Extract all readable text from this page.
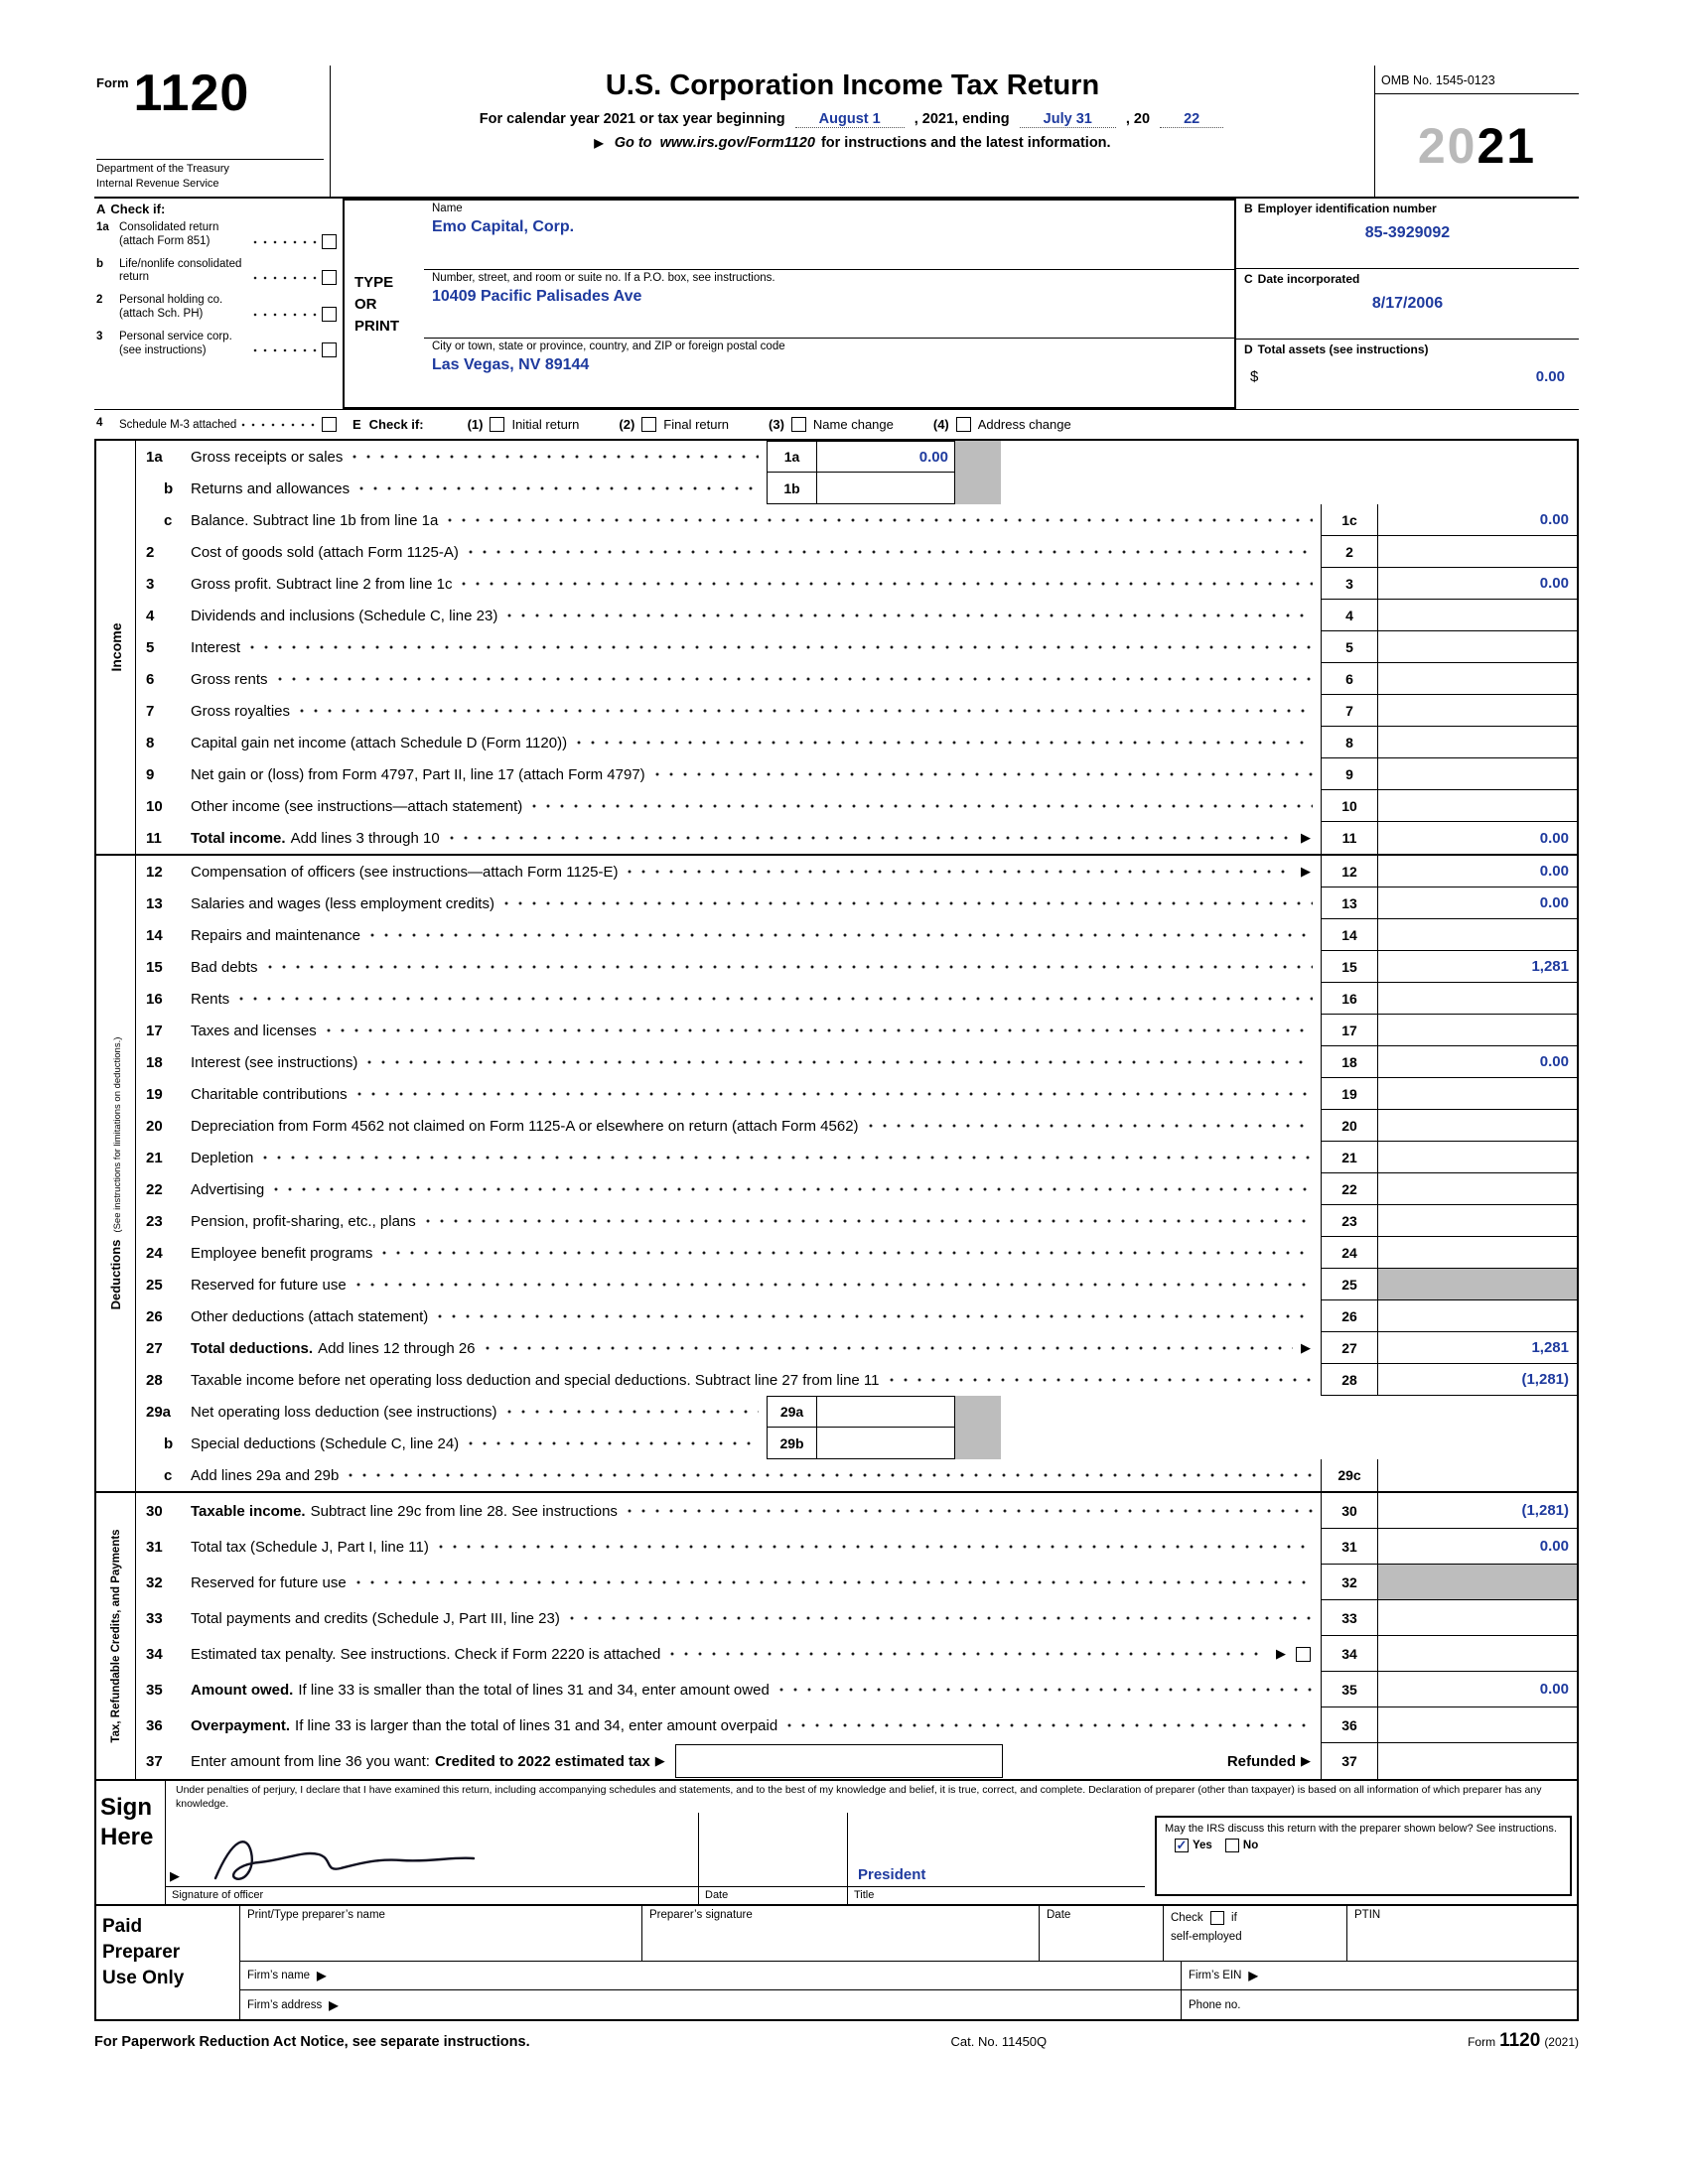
Form 1120
Department of the Treasury
Internal Revenue Service
U.S. Corporation Income Tax Return
For calendar year 2021 or tax year beginning August 1 , 2021, ending July 31 , 20 22
▶ Go to www.irs.gov/Form1120 for instructions and the latest information.
OMB No. 1545-0123
20 21
A Check if:
1a Consolidated return (attach Form 851)
b	Life/nonlife consolidated return
2	Personal holding co. (attach Sch. PH)
3	Personal service corp. (see instructions)
TYPE
OR
PRINT
Name
Emo Capital, Corp.
Number, street, and room or suite no. If a P.O. box, see instructions.
10409 Pacific Palisades Ave
City or town, state or province, country, and ZIP or foreign postal code
Las Vegas, NV 89144
B Employer identification number
85-3929092
C Date incorporated
8/17/2006
D Total assets (see instructions)
$	0.00
4	Schedule M-3 attached	E Check if:	(1) Initial return	(2) Final return	(3) Name change	(4) Address change
Income
1a	Gross receipts or sales	1a	0.00
b	Returns and allowances	1b
c	Balance. Subtract line 1b from line 1a	1c	0.00
2	Cost of goods sold (attach Form 1125-A)	2
3	Gross profit. Subtract line 2 from line 1c	3	0.00
4	Dividends and inclusions (Schedule C, line 23)	4
5	Interest	5
6	Gross rents	6
7	Gross royalties	7
8	Capital gain net income (attach Schedule D (Form 1120))	8
9	Net gain or (loss) from Form 4797, Part II, line 17 (attach Form 4797)	9
10	Other income (see instructions—attach statement)	10
11	Total income. Add lines 3 through 10	▶	11	0.00
Deductions(See instructions for limitations on deductions.)
12	Compensation of officers (see instructions—attach Form 1125-E)	▶	12	0.00
13	Salaries and wages (less employment credits)	13	0.00
14	Repairs and maintenance	14
15	Bad debts	15	1,281
16	Rents	16
17	Taxes and licenses	17
18	Interest (see instructions)	18	0.00
19	Charitable contributions	19
20	Depreciation from Form 4562 not claimed on Form 1125-A or elsewhere on return (attach Form 4562)	20
21	Depletion	21
22	Advertising	22
23	Pension, profit-sharing, etc., plans	23
24	Employee benefit programs	24
25	Reserved for future use	25
26	Other deductions (attach statement)	26
27	Total deductions. Add lines 12 through 26	▶	27	1,281
28	Taxable income before net operating loss deduction and special deductions. Subtract line 27 from line 11	28	(1,281)
29a	Net operating loss deduction (see instructions)	29a
b	Special deductions (Schedule C, line 24)	29b
c	Add lines 29a and 29b	29c
Tax, Refundable Credits, and Payments
30	Taxable income. Subtract line 29c from line 28. See instructions	30	(1,281)
31	Total tax (Schedule J, Part I, line 11)	31	0.00
32	Reserved for future use	32
33	Total payments and credits (Schedule J, Part III, line 23)	33
34	Estimated tax penalty. See instructions. Check if Form 2220 is attached	▶	34
35	Amount owed. If line 33 is smaller than the total of lines 31 and 34, enter amount owed	35	0.00
36	Overpayment. If line 33 is larger than the total of lines 31 and 34, enter amount overpaid	36
37	Enter amount from line 36 you want: Credited to 2022 estimated tax ▶	Refunded ▶	37
Sign
Here
Under penalties of perjury, I declare that I have examined this return, including accompanying schedules and statements, and to the best of my knowledge and belief, it is true, correct, and complete. Declaration of preparer (other than taxpayer) is based on all information of which preparer has any knowledge.
▶
Signature of officer	Date
President
Title
May the IRS discuss this return with the preparer shown below? See instructions.
✓ Yes	No
Paid
Preparer
Use Only
Print/Type preparer’s name	Preparer’s signature	Date	Check if
self-employed
PTIN
Firm’s name ▶	Firm’s EIN ▶
Firm’s address ▶	Phone no.
For Paperwork Reduction Act Notice, see separate instructions.	Cat. No. 11450Q	Form 1120 (2021)
